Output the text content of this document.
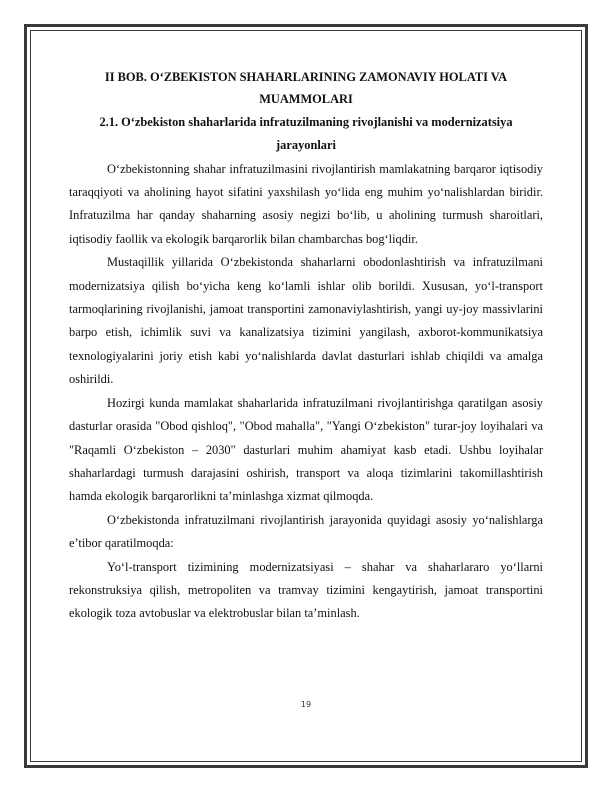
II BOB. O‘ZBEKISTON SHAHARLARINING ZAMONAVIY HOLATI VA MUAMMOLARI

2.1. O‘zbekiston shaharlarida infratuzilmaning rivojlanishi va modernizatsiya jarayonlari

O‘zbekistonning shahar infratuzilmasini rivojlantirish mamlakatning barqaror iqtisodiy taraqqiyoti va aholining hayot sifatini yaxshilash yo‘lida eng muhim yo‘nalishlardan biridir. Infratuzilma har qanday shaharning asosiy negizi bo‘lib, u aholining turmush sharoitlari, iqtisodiy faollik va ekologik barqarorlik bilan chambarchas bog‘liqdir.

Mustaqillik yillarida O‘zbekistonda shaharlarni obodonlashtirish va infratuzilmani modernizatsiya qilish bo‘yicha keng ko‘lamli ishlar olib borildi. Xususan, yo‘l-transport tarmoqlarining rivojlanishi, jamoat transportini zamonaviylashtirish, yangi uy-joy massivlarini barpo etish, ichimlik suvi va kanalizatsiya tizimini yangilash, axborot-kommunikatsiya texnologiyalarini joriy etish kabi yo‘nalishlarda davlat dasturlari ishlab chiqildi va amalga oshirildi.

Hozirgi kunda mamlakat shaharlarida infratuzilmani rivojlantirishga qaratilgan asosiy dasturlar orasida "Obod qishloq", "Obod mahalla", "Yangi O‘zbekiston" turar-joy loyihalari va "Raqamli O‘zbekiston – 2030" dasturlari muhim ahamiyat kasb etadi. Ushbu loyihalar shaharlardagi turmush darajasini oshirish, transport va aloqa tizimlarini takomillashtirish hamda ekologik barqarorlikni ta’minlashga xizmat qilmoqda.

O‘zbekistonda infratuzilmani rivojlantirish jarayonida quyidagi asosiy yo‘nalishlarga e’tibor qaratilmoqda:

Yo‘l-transport tizimining modernizatsiyasi – shahar va shaharlararo yo‘llarni rekonstruksiya qilish, metropoliten va tramvay tizimini kengaytirish, jamoat transportini ekologik toza avtobuslar va elektrobuslar bilan ta’minlash.

19
